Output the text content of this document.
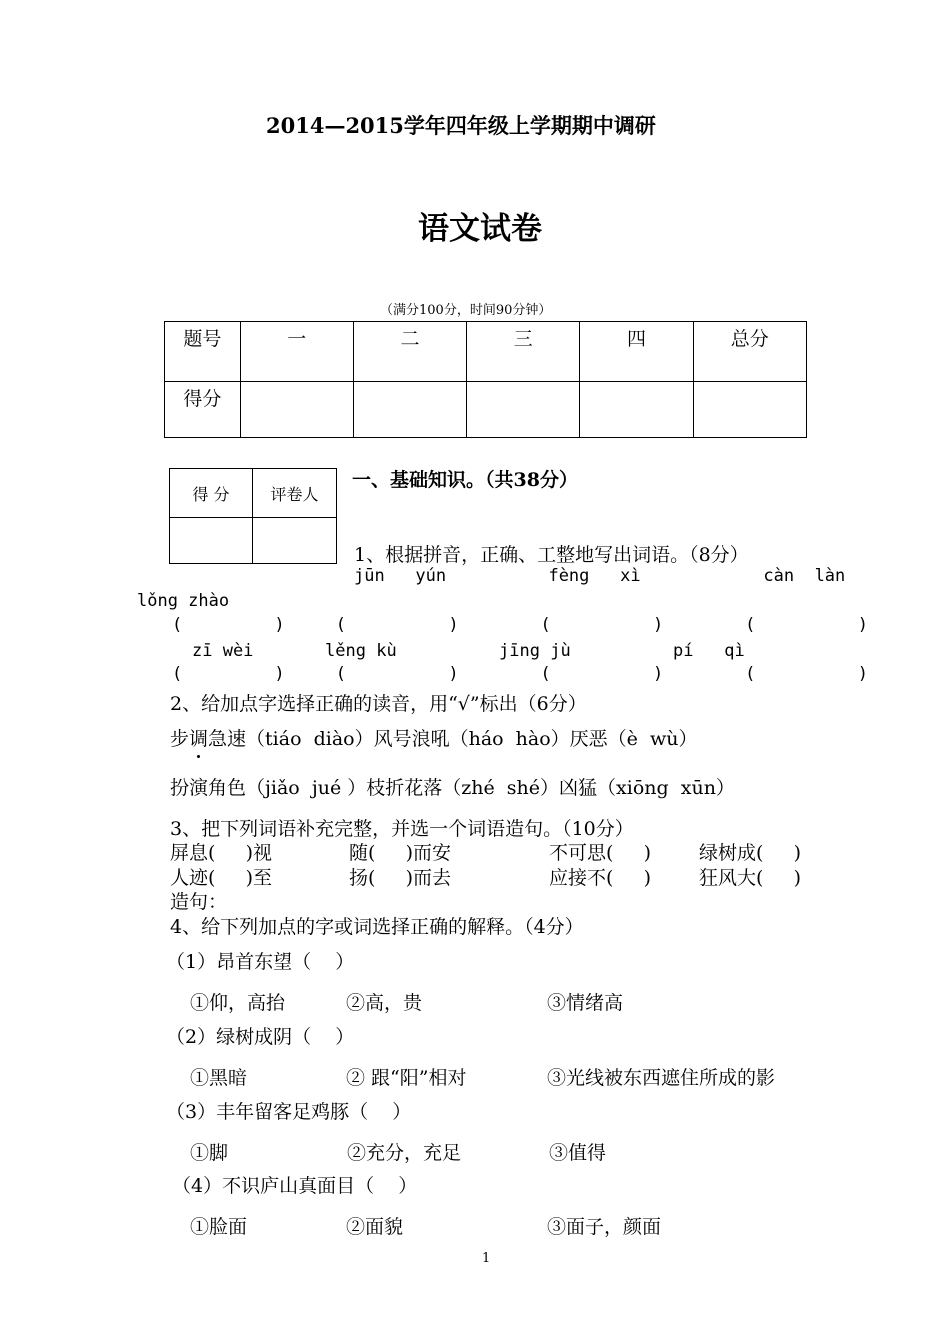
2014—2015学年四年级上学期期中调研
语文试卷
（满分100分，时间90分钟）
题号	一	二	三	四	总分
得分					
得 分	评卷人

一、基础知识。（共38分）
1、根据拼音，正确、工整地写出词语。（8分）
jūn   yún          fèng   xì            càn  làn
lǒng zhào
(         )     (          )        (          )        (          )
zī wèi       lěng kù          jīng jù          pí   qì
(         )     (          )        (          )        (          )
2、给加点字选择正确的读音，用“√”标出（6分）
步调急速（tiáo  diào）风号浪吼（háo  hào）厌恶（è  wù）
扮演角色（jiǎo  jué ）枝折花落（zhé  shé）凶猛（xiōng  xūn）
3、把下列词语补充完整，并选一个词语造句。（10分）
屏息(     )视	随(     )而安	不可思(     )	绿树成(     )
人迹(     )至	扬(     )而去	应接不(     )	狂风大(     )
造句：
4、给下列加点的字或词选择正确的解释。（4分）
（1）昂首东望（    ）
①仰，高抬	②高，贵	③情绪高
（2）绿树成阴（    ）
①黑暗	② 跟“阳”相对	③光线被东西遮住所成的影
（3）丰年留客足鸡豚（    ）
①脚	②充分，充足	③值得
（4）不识庐山真面目（    ）
①脸面	②面貌	③面子，颜面
1
